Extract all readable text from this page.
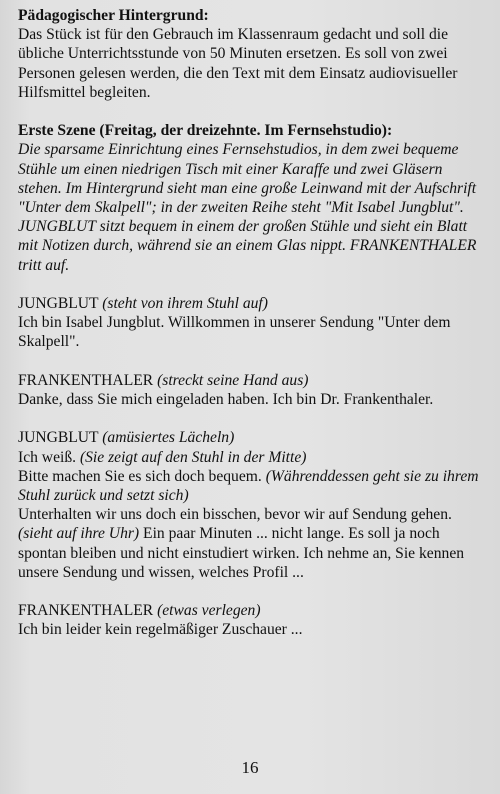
Pädagogischer Hintergrund:
Das Stück ist für den Gebrauch im Klassenraum gedacht und soll die übliche Unterrichtsstunde von 50 Minuten ersetzen. Es soll von zwei Personen gelesen werden, die den Text mit dem Einsatz audiovisueller Hilfsmittel begleiten.
Erste Szene (Freitag, der dreizehnte. Im Fernsehstudio):
Die sparsame Einrichtung eines Fernsehstudios, in dem zwei bequeme Stühle um einen niedrigen Tisch mit einer Karaffe und zwei Gläsern stehen. Im Hintergrund sieht man eine große Leinwand mit der Aufschrift "Unter dem Skalpell"; in der zweiten Reihe steht "Mit Isabel Jungblut". JUNGBLUT sitzt bequem in einem der großen Stühle und sieht ein Blatt mit Notizen durch, während sie an einem Glas nippt. FRANKENTHALER tritt auf.
JUNGBLUT (steht von ihrem Stuhl auf)
Ich bin Isabel Jungblut. Willkommen in unserer Sendung "Unter dem Skalpell".
FRANKENTHALER (streckt seine Hand aus)
Danke, dass Sie mich eingeladen haben. Ich bin Dr. Frankenthaler.
JUNGBLUT (amüsiertes Lächeln)
Ich weiß. (Sie zeigt auf den Stuhl in der Mitte)
Bitte machen Sie es sich doch bequem. (Währenddessen geht sie zu ihrem Stuhl zurück und setzt sich)
Unterhalten wir uns doch ein bisschen, bevor wir auf Sendung gehen. (sieht auf ihre Uhr) Ein paar Minuten ... nicht lange. Es soll ja noch spontan bleiben und nicht einstudiert wirken. Ich nehme an, Sie kennen unsere Sendung und wissen, welches Profil ...
FRANKENTHALER (etwas verlegen)
Ich bin leider kein regelmäßiger Zuschauer ...
16
